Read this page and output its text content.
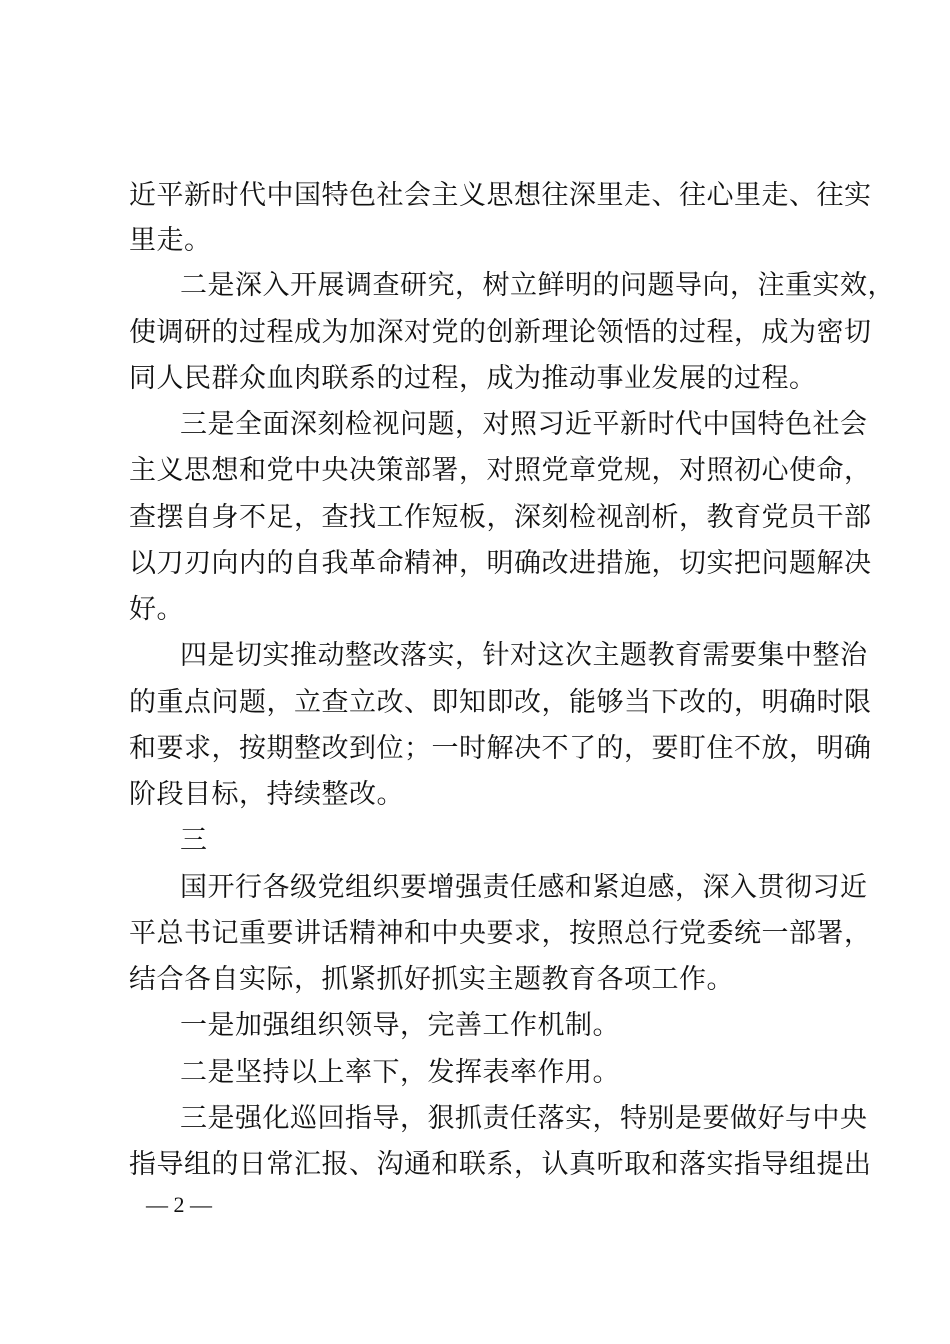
近平新时代中国特色社会主义思想往深里走、往心里走、往实
里走。
二是深入开展调查研究，树立鲜明的问题导向，注重实效，
使调研的过程成为加深对党的创新理论领悟的过程，成为密切
同人民群众血肉联系的过程，成为推动事业发展的过程。
三是全面深刻检视问题，对照习近平新时代中国特色社会
主义思想和党中央决策部署，对照党章党规，对照初心使命，
查摆自身不足，查找工作短板，深刻检视剖析，教育党员干部
以刀刃向内的自我革命精神，明确改进措施，切实把问题解决
好。
四是切实推动整改落实，针对这次主题教育需要集中整治
的重点问题，立查立改、即知即改，能够当下改的，明确时限
和要求，按期整改到位；一时解决不了的，要盯住不放，明确
阶段目标，持续整改。
三
国开行各级党组织要增强责任感和紧迫感，深入贯彻习近
平总书记重要讲话精神和中央要求，按照总行党委统一部署，
结合各自实际，抓紧抓好抓实主题教育各项工作。
一是加强组织领导，完善工作机制。
二是坚持以上率下，发挥表率作用。
三是强化巡回指导，狠抓责任落实，特别是要做好与中央
指导组的日常汇报、沟通和联系，认真听取和落实指导组提出
— 2 —
